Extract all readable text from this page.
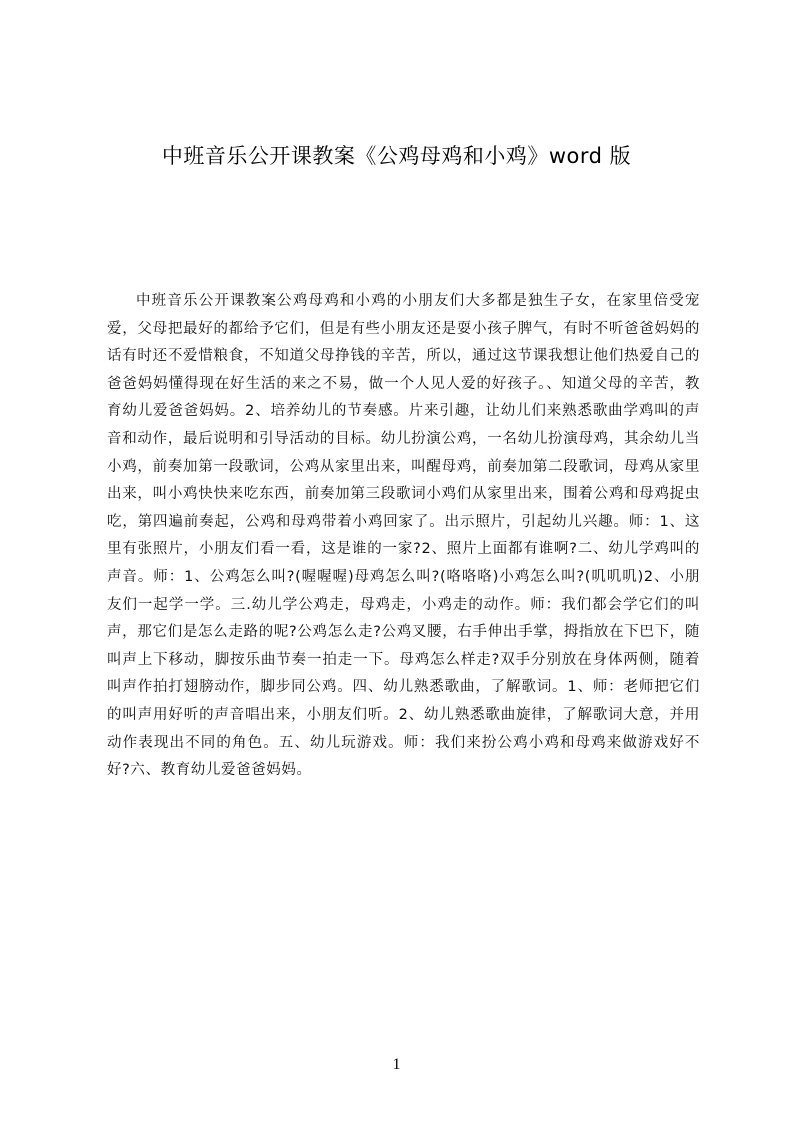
中班音乐公开课教案《公鸡母鸡和小鸡》word 版

中班音乐公开课教案公鸡母鸡和小鸡的小朋友们大多都是独生子女，在家里倍受宠爱，父母把最好的都给予它们，但是有些小朋友还是耍小孩子脾气，有时不听爸爸妈妈的话有时还不爱惜粮食，不知道父母挣钱的辛苦，所以，通过这节课我想让他们热爱自己的爸爸妈妈懂得现在好生活的来之不易，做一个人见人爱的好孩子。、知道父母的辛苦，教育幼儿爱爸爸妈妈。2、培养幼儿的节奏感。片来引趣，让幼儿们来熟悉歌曲学鸡叫的声音和动作，最后说明和引导活动的目标。幼儿扮演公鸡，一名幼儿扮演母鸡，其余幼儿当小鸡，前奏加第一段歌词，公鸡从家里出来，叫醒母鸡，前奏加第二段歌词，母鸡从家里出来，叫小鸡快快来吃东西，前奏加第三段歌词小鸡们从家里出来，围着公鸡和母鸡捉虫吃，第四遍前奏起，公鸡和母鸡带着小鸡回家了。出示照片，引起幼儿兴趣。师：1、这里有张照片，小朋友们看一看，这是谁的一家?2、照片上面都有谁啊?二、幼儿学鸡叫的声音。师：1、公鸡怎么叫?(喔喔喔)母鸡怎么叫?(咯咯咯)小鸡怎么叫?(叽叽叽)2、小朋友们一起学一学。三.幼儿学公鸡走，母鸡走，小鸡走的动作。师：我们都会学它们的叫声，那它们是怎么走路的呢?公鸡怎么走?公鸡叉腰，右手伸出手掌，拇指放在下巴下，随叫声上下移动，脚按乐曲节奏一拍走一下。母鸡怎么样走?双手分别放在身体两侧，随着叫声作拍打翅膀动作，脚步同公鸡。四、幼儿熟悉歌曲，了解歌词。1、师：老师把它们的叫声用好听的声音唱出来，小朋友们听。2、幼儿熟悉歌曲旋律，了解歌词大意，并用动作表现出不同的角色。五、幼儿玩游戏。师：我们来扮公鸡小鸡和母鸡来做游戏好不好?六、教育幼儿爱爸爸妈妈。

1
